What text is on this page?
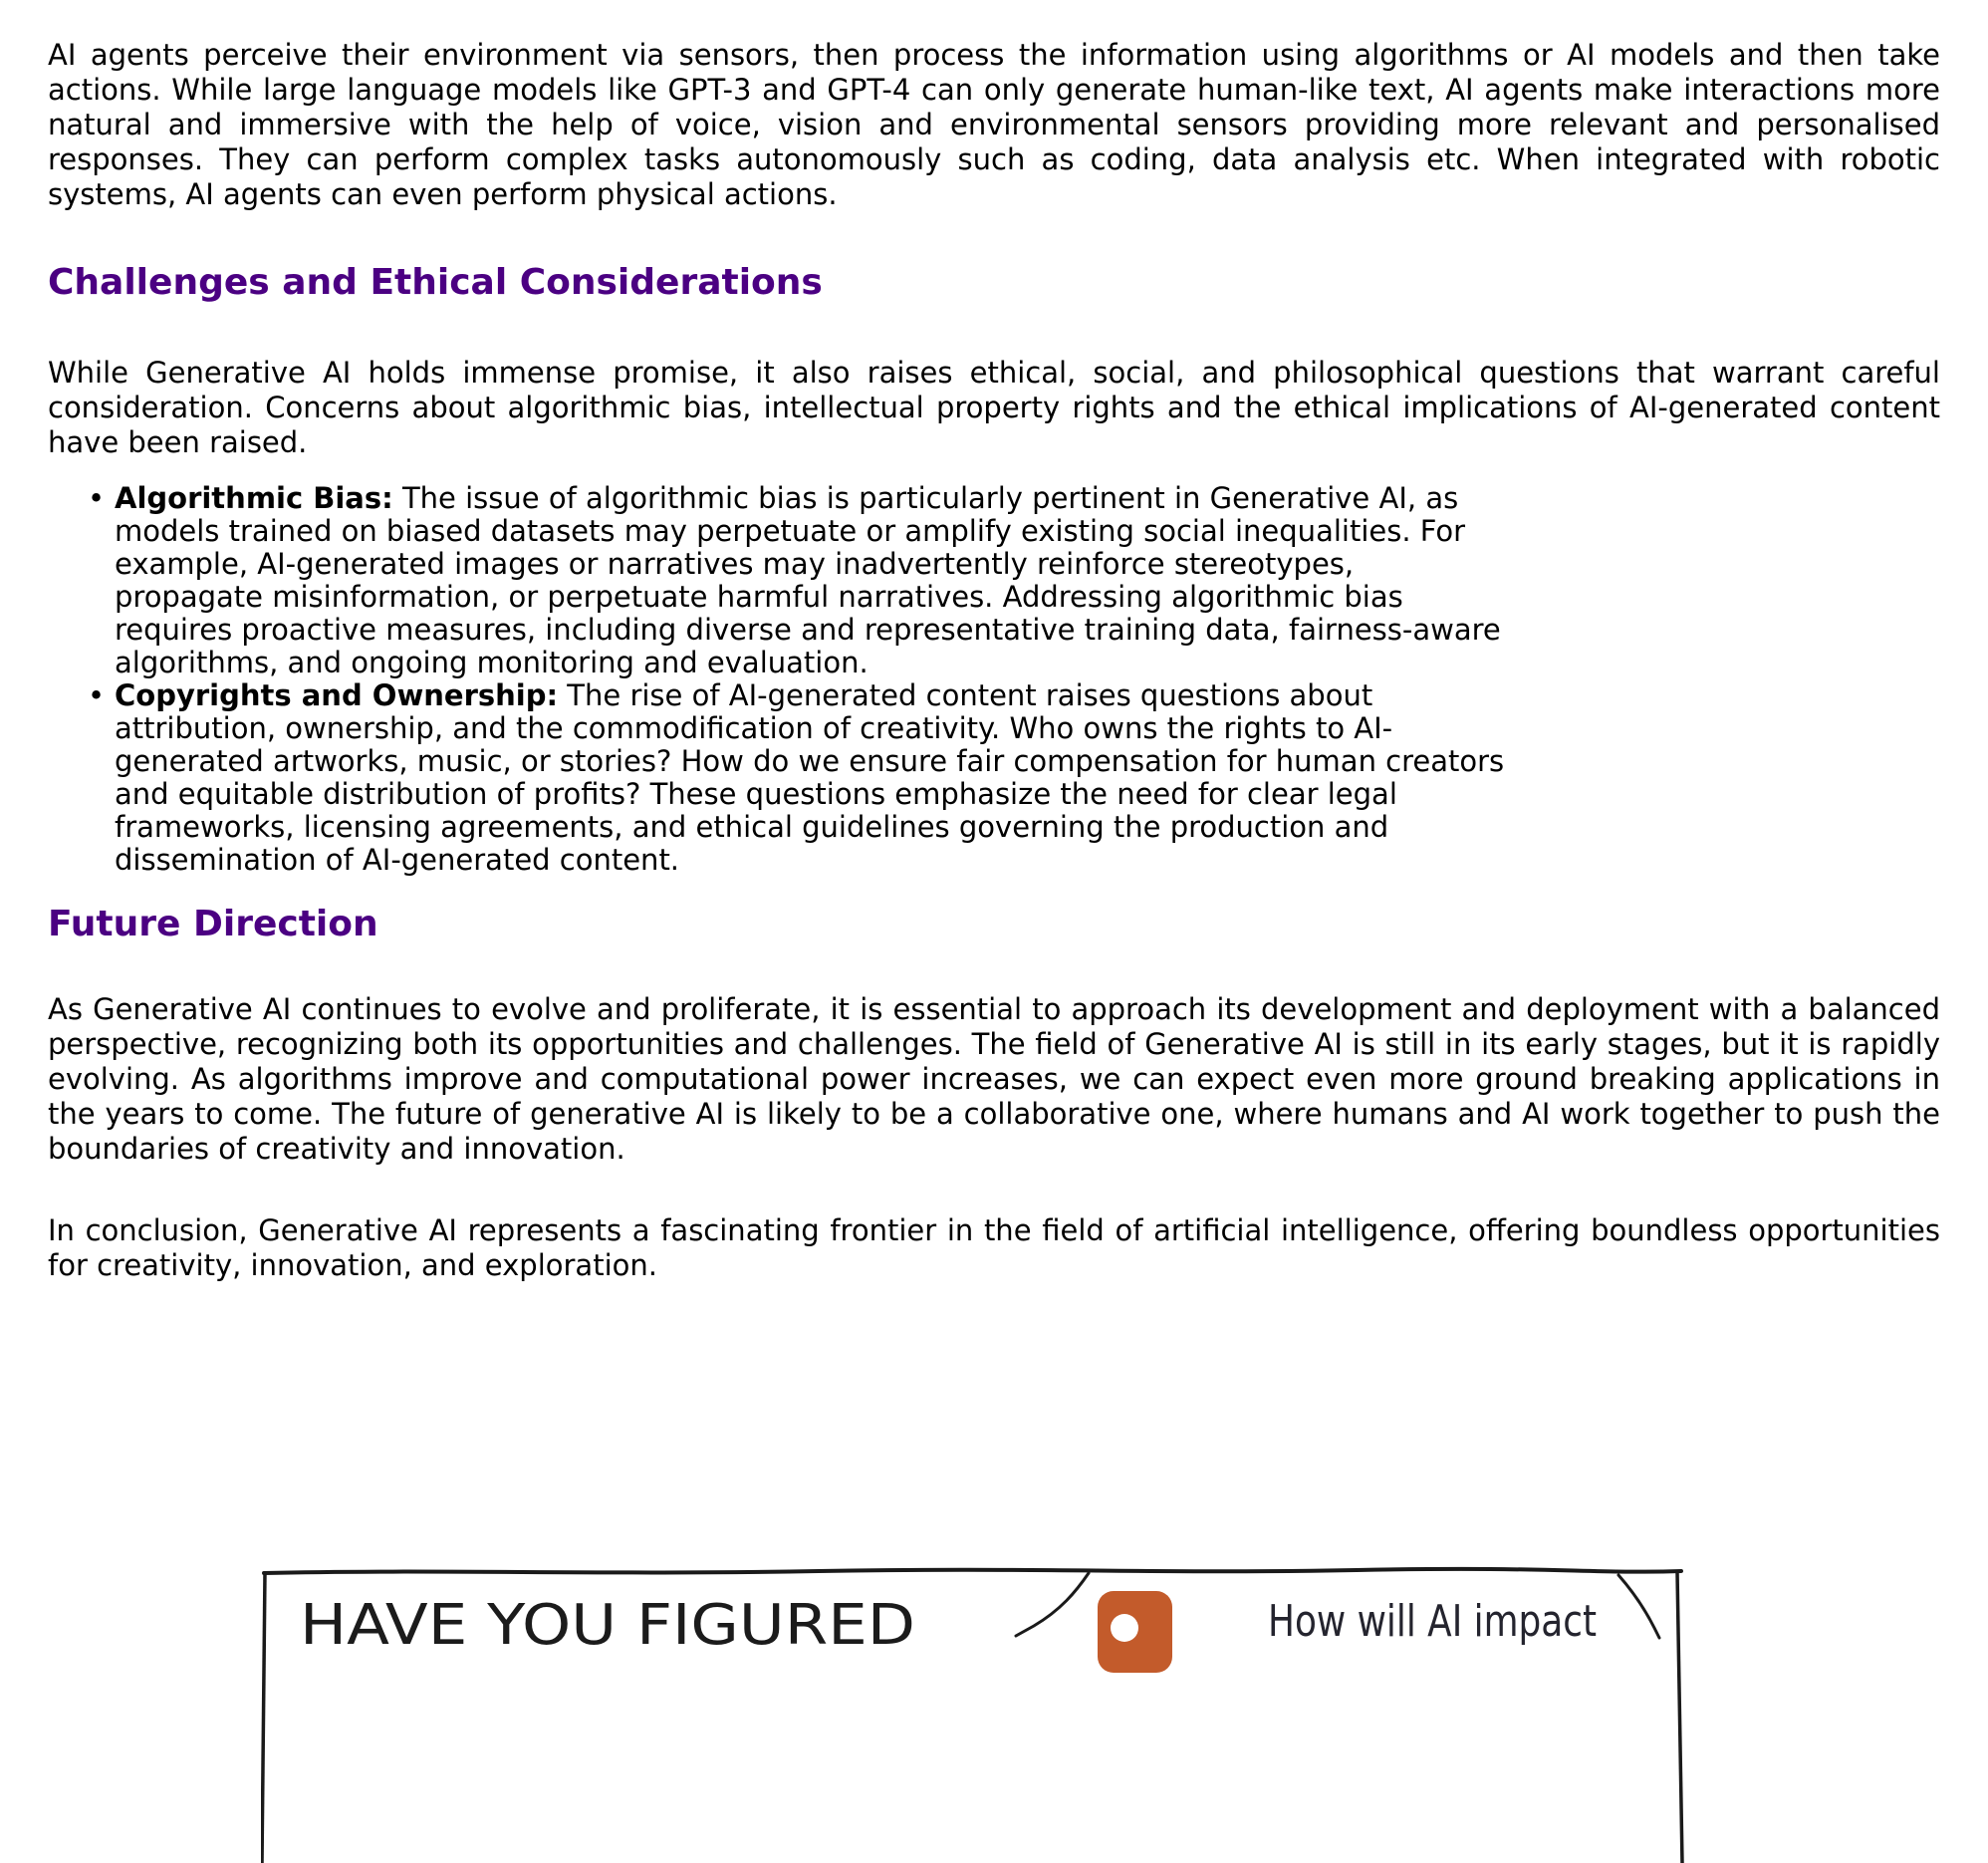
AI agents perceive their environment via sensors, then process the information using algorithms or AI models and then take actions. While large language models like GPT-3 and GPT-4 can only generate human-like text, AI agents make interactions more natural and immersive with the help of voice, vision and environmental sensors providing more relevant and personalised responses. They can perform complex tasks autonomously such as coding, data analysis etc. When integrated with robotic systems, AI agents can even perform physical actions.

Challenges and Ethical Considerations

While Generative AI holds immense promise, it also raises ethical, social, and philosophical questions that warrant careful consideration. Concerns about algorithmic bias, intellectual property rights and the ethical implications of AI-generated content have been raised.

• Algorithmic Bias: The issue of algorithmic bias is particularly pertinent in Generative AI, as models trained on biased datasets may perpetuate or amplify existing social inequalities. For example, AI-generated images or narratives may inadvertently reinforce stereotypes, propagate misinformation, or perpetuate harmful narratives. Addressing algorithmic bias requires proactive measures, including diverse and representative training data, fairness-aware algorithms, and ongoing monitoring and evaluation.
• Copyrights and Ownership: The rise of AI-generated content raises questions about attribution, ownership, and the commodification of creativity. Who owns the rights to AI-generated artworks, music, or stories? How do we ensure fair compensation for human creators and equitable distribution of profits? These questions emphasize the need for clear legal frameworks, licensing agreements, and ethical guidelines governing the production and dissemination of AI-generated content.
Future Direction

As Generative AI continues to evolve and proliferate, it is essential to approach its development and deployment with a balanced perspective, recognizing both its opportunities and challenges. The field of Generative AI is still in its early stages, but it is rapidly evolving. As algorithms improve and computational power increases, we can expect even more ground breaking applications in the years to come. The future of generative AI is likely to be a collaborative one, where humans and AI work together to push the boundaries of creativity and innovation.

In conclusion, Generative AI represents a fascinating frontier in the field of artificial intelligence, offering boundless opportunities for creativity, innovation, and exploration.

HAVE YOU FIGURED	How will AI impact
